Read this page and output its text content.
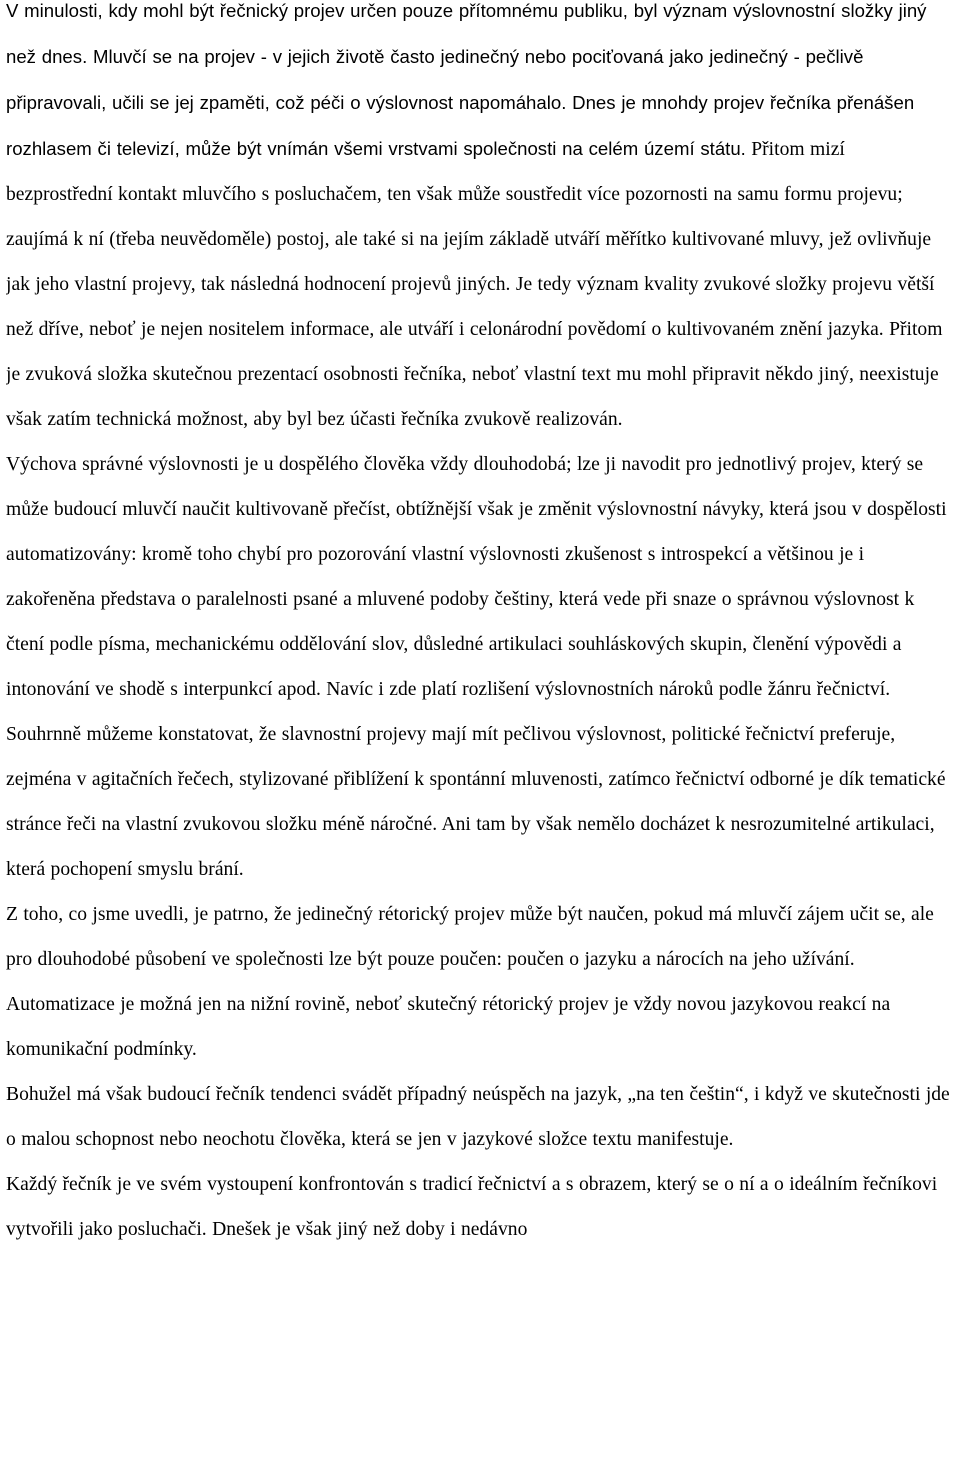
V minulosti, kdy mohl být řečnický projev určen pouze přítomnému publiku, byl význam výslovnostní složky jiný než dnes. Mluvčí se na projev - v jejich životě často jedinečný nebo pociťovaná jako jedinečný - pečlivě připravovali, učili se jej zpaměti, což péči o výslovnost napomáhalo. Dnes je mnohdy projev řečníka přenášen rozhlasem či televizí, může být vnímán všemi vrstvami společnosti na celém území státu. Přitom mizí bezprostřední kontakt mluvčího s posluchačem, ten však může soustředit více pozornosti na samu formu projevu; zaujímá k ní (třeba neuvědoměle) postoj, ale také si na jejím základě utváří měřítko kultivované mluvy, jež ovlivňuje jak jeho vlastní projevy, tak následná hodnocení projevů jiných. Je tedy význam kvality zvukové složky projevu větší než dříve, neboť je nejen nositelem informace, ale utváří i celonárodní povědomí o kultivovaném znění jazyka. Přitom je zvuková složka skutečnou prezentací osobnosti řečníka, neboť vlastní text mu mohl připravit někdo jiný, neexistuje však zatím technická možnost, aby byl bez účasti řečníka zvukově realizován.

Výchova správné výslovnosti je u dospělého člověka vždy dlouhodobá; lze ji navodit pro jednotlivý projev, který se může budoucí mluvčí naučit kultivovaně přečíst, obtížnější však je změnit výslovnostní návyky, která jsou v dospělosti automatizovány: kromě toho chybí pro pozorování vlastní výslovnosti zkušenost s introspekcí a většinou je i zakořeněna představa o paralelnosti psané a mluvené podoby češtiny, která vede při snaze o správnou výslovnost k čtení podle písma, mechanickému oddělování slov, důsledné artikulaci souhláskových skupin, členění výpovědi a intonování ve shodě s interpunkcí apod. Navíc i zde platí rozlišení výslovnostních nároků podle žánru řečnictví. Souhrnně můžeme konstatovat, že slavnostní projevy mají mít pečlivou výslovnost, politické řečnictví preferuje, zejména v agitačních řečech, stylizované přiblížení k spontánní mluvenosti, zatímco řečnictví odborné je dík tematické stránce řeči na vlastní zvukovou složku méně náročné. Ani tam by však nemělo docházet k nesrozumitelné artikulaci, která pochopení smyslu brání.

Z toho, co jsme uvedli, je patrno, že jedinečný rétorický projev může být naučen, pokud má mluvčí zájem učit se, ale pro dlouhodobé působení ve společnosti lze být pouze poučen: poučen o jazyku a nárocích na jeho užívání. Automatizace je možná jen na nižní rovině, neboť skutečný rétorický projev je vždy novou jazykovou reakcí na komunikační podmínky.

Bohužel má však budoucí řečník tendenci svádět případný neúspěch na jazyk, „na ten češtin“, i když ve skutečnosti jde o malou schopnost nebo neochotu člověka, která se jen v jazykové složce textu manifestuje.

Každý řečník je ve svém vystoupení konfrontován s tradicí řečnictví a s obrazem, který se o ní a o ideálním řečníkovi vytvořili jako posluchači. Dnešek je však jiný než doby i nedávno
